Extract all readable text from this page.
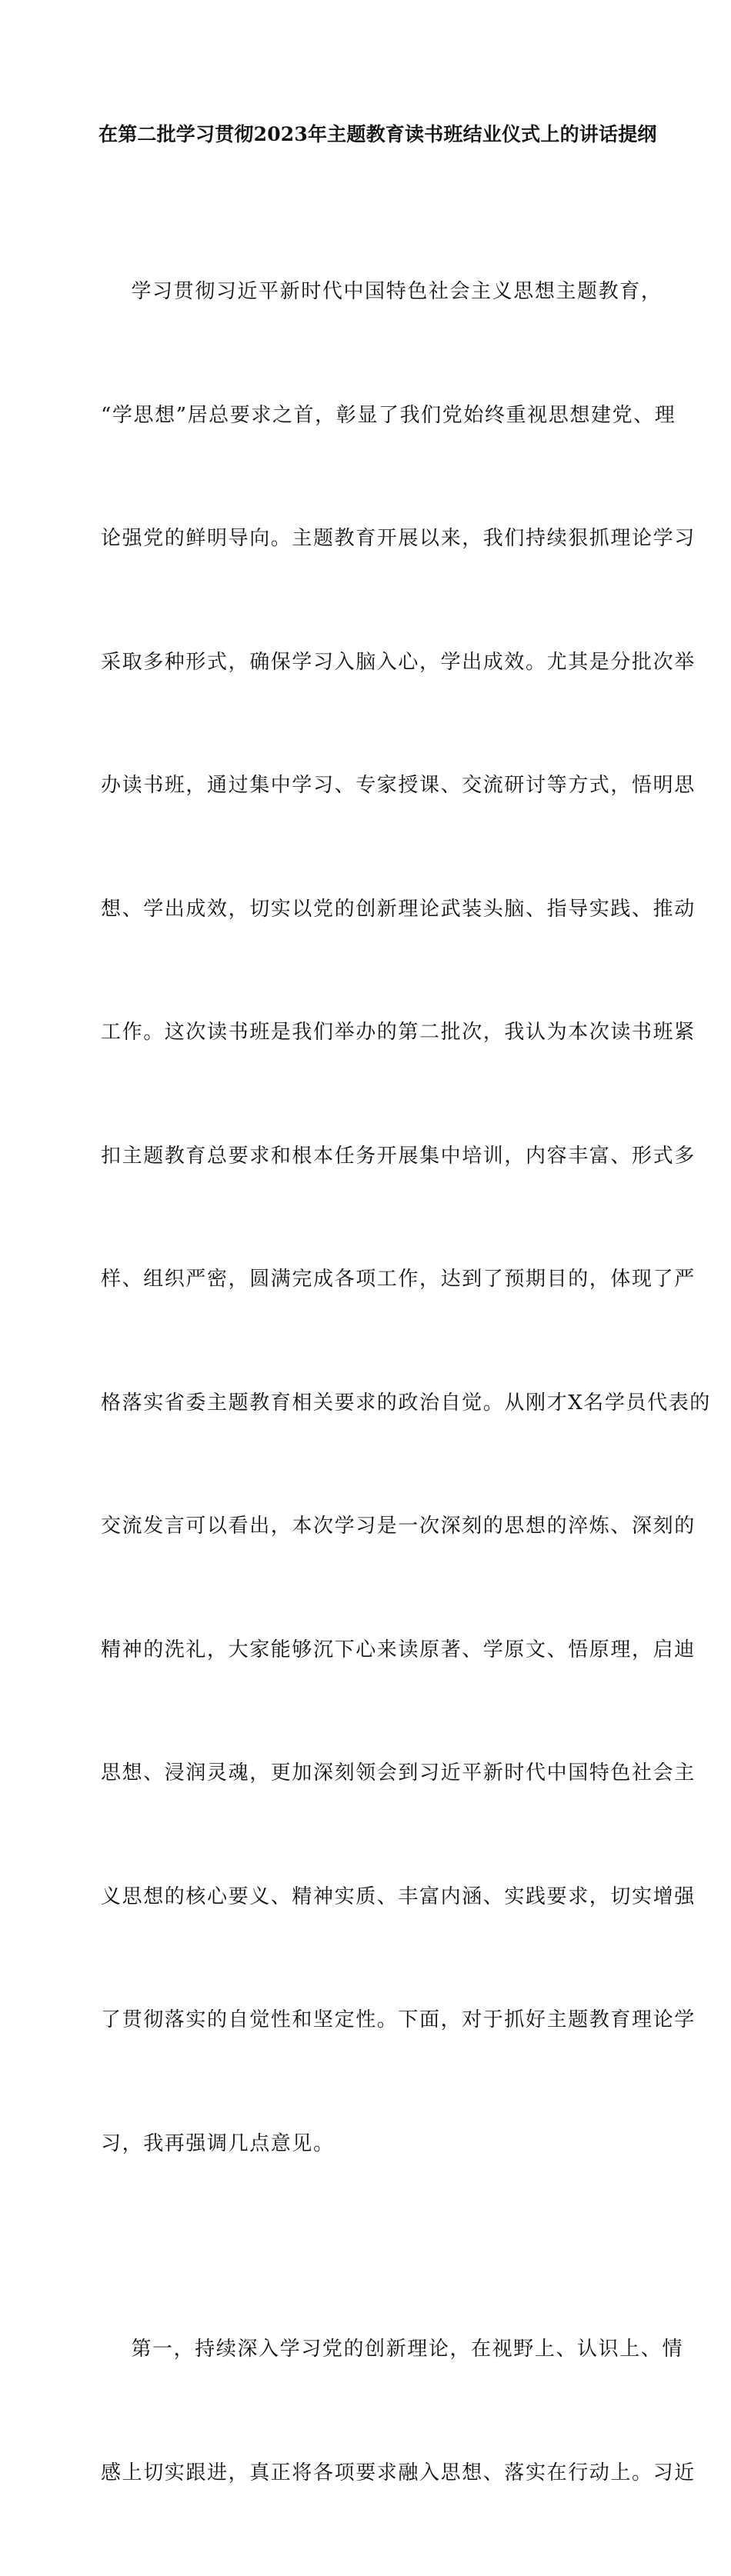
在第二批学习贯彻2023年主题教育读书班结业仪式上的讲话提纲

学习贯彻习近平新时代中国特色社会主义思想主题教育，

“学思想”居总要求之首，彰显了我们党始终重视思想建党、理

论强党的鲜明导向。主题教育开展以来，我们持续狠抓理论学习

采取多种形式，确保学习入脑入心，学出成效。尤其是分批次举

办读书班，通过集中学习、专家授课、交流研讨等方式，悟明思

想、学出成效，切实以党的创新理论武装头脑、指导实践、推动

工作。这次读书班是我们举办的第二批次，我认为本次读书班紧

扣主题教育总要求和根本任务开展集中培训，内容丰富、形式多

样、组织严密，圆满完成各项工作，达到了预期目的，体现了严

格落实省委主题教育相关要求的政治自觉。从刚才X名学员代表的

交流发言可以看出，本次学习是一次深刻的思想的淬炼、深刻的

精神的洗礼，大家能够沉下心来读原著、学原文、悟原理，启迪

思想、浸润灵魂，更加深刻领会到习近平新时代中国特色社会主

义思想的核心要义、精神实质、丰富内涵、实践要求，切实增强

了贯彻落实的自觉性和坚定性。下面，对于抓好主题教育理论学

习，我再强调几点意见。

第一，持续深入学习党的创新理论，在视野上、认识上、情

感上切实跟进，真正将各项要求融入思想、落实在行动上。习近
